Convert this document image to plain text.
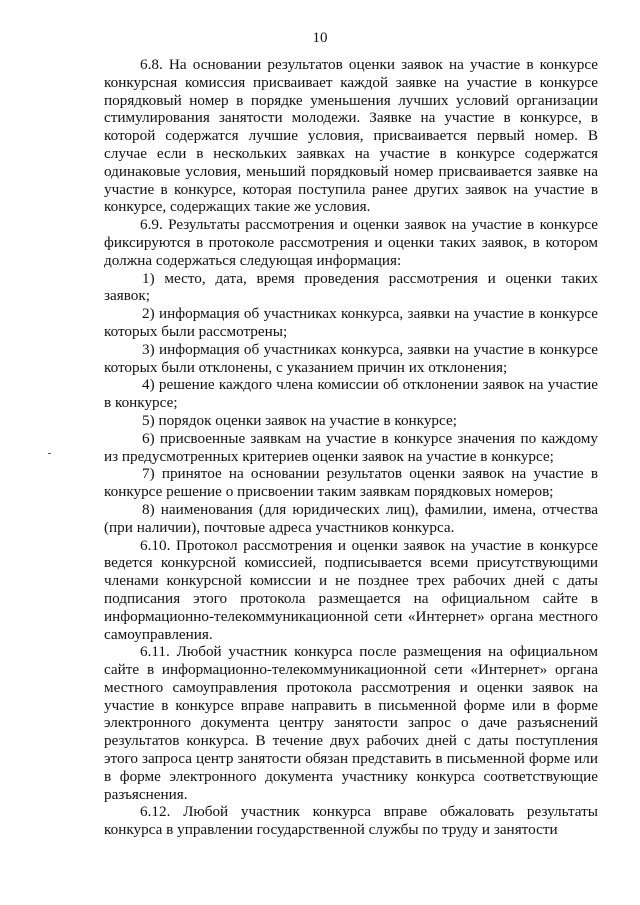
10

6.8. На основании результатов оценки заявок на участие в конкурсе конкурсная комиссия присваивает каждой заявке на участие в конкурсе порядковый номер в порядке уменьшения лучших условий организации стимулирования занятости молодежи. Заявке на участие в конкурсе, в которой содержатся лучшие условия, присваивается первый номер. В случае если в нескольких заявках на участие в конкурсе содержатся одинаковые условия, меньший порядковый номер присваивается заявке на участие в конкурсе, которая поступила ранее других заявок на участие в конкурсе, содержащих такие же условия.

6.9. Результаты рассмотрения и оценки заявок на участие в конкурсе фиксируются в протоколе рассмотрения и оценки таких заявок, в котором должна содержаться следующая информация:

1) место, дата, время проведения рассмотрения и оценки таких заявок;

2) информация об участниках конкурса, заявки на участие в конкурсе которых были рассмотрены;

3) информация об участниках конкурса, заявки на участие в конкурсе которых были отклонены, с указанием причин их отклонения;

4) решение каждого члена комиссии об отклонении заявок на участие в конкурсе;

5) порядок оценки заявок на участие в конкурсе;

6) присвоенные заявкам на участие в конкурсе значения по каждому из предусмотренных критериев оценки заявок на участие в конкурсе;

7) принятое на основании результатов оценки заявок на участие в конкурсе решение о присвоении таким заявкам порядковых номеров;

8) наименования (для юридических лиц), фамилии, имена, отчества (при наличии), почтовые адреса участников конкурса.

6.10. Протокол рассмотрения и оценки заявок на участие в конкурсе ведется конкурсной комиссией, подписывается всеми присутствующими членами конкурсной комиссии и не позднее трех рабочих дней с даты подписания этого протокола размещается на официальном сайте в информационно-телекоммуникационной сети «Интернет» органа местного самоуправления.

6.11. Любой участник конкурса после размещения на официальном сайте в информационно-телекоммуникационной сети «Интернет» органа местного самоуправления протокола рассмотрения и оценки заявок на участие в конкурсе вправе направить в письменной форме или в форме электронного документа центру занятости запрос о даче разъяснений результатов конкурса. В течение двух рабочих дней с даты поступления этого запроса центр занятости обязан представить в письменной форме или в форме электронного документа участнику конкурса соответствующие разъяснения.

6.12. Любой участник конкурса вправе обжаловать результаты конкурса в управлении государственной службы по труду и занятости
